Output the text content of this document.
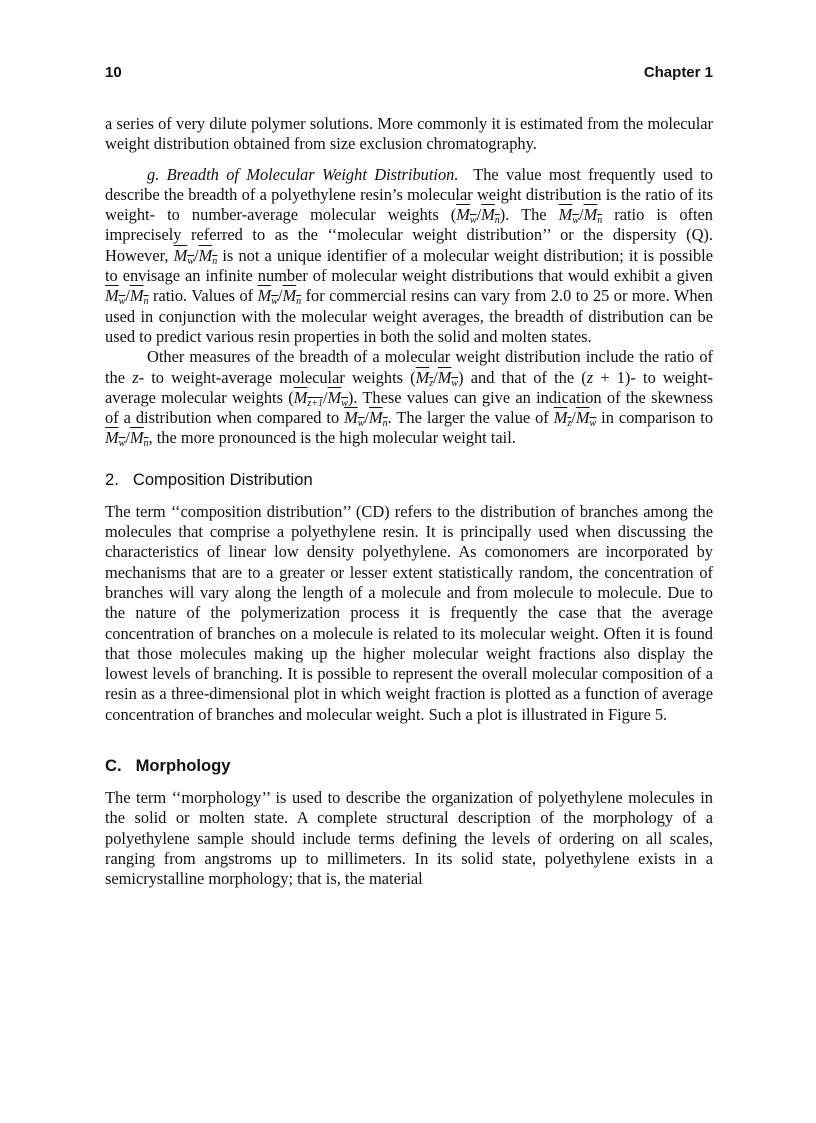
10	Chapter 1

a series of very dilute polymer solutions. More commonly it is estimated from the molecular weight distribution obtained from size exclusion chromatography.

g. Breadth of Molecular Weight Distribution. The value most frequently used to describe the breadth of a polyethylene resin’s molecular weight distribution is the ratio of its weight- to number-average molecular weights $(M_w/M_n)$. The $M_w/M_n$ ratio is often imprecisely referred to as the ‘‘molecular weight distribution’’ or the dispersity (Q). However, $M_w/M_n$ is not a unique identifier of a molecular weight distribution; it is possible to envisage an infinite number of molecular weight distributions that would exhibit a given $M_w/M_n$ ratio. Values of $M_w/M_n$ for commercial resins can vary from 2.0 to 25 or more. When used in conjunction with the molecular weight averages, the breadth of distribution can be used to predict various resin properties in both the solid and molten states.

Other measures of the breadth of a molecular weight distribution include the ratio of the z- to weight-average molecular weights $(M_z/M_w)$ and that of the (z + 1)- to weight-average molecular weights $(M_{z+1}/M_w)$. These values can give an indication of the skewness of a distribution when compared to $M_w/M_n$. The larger the value of $M_z/M_w$ in comparison to $M_w/M_n$, the more pronounced is the high molecular weight tail.

2. Composition Distribution

The term ‘‘composition distribution’’ (CD) refers to the distribution of branches among the molecules that comprise a polyethylene resin. It is principally used when discussing the characteristics of linear low density polyethylene. As comonomers are incorporated by mechanisms that are to a greater or lesser extent statistically random, the concentration of branches will vary along the length of a molecule and from molecule to molecule. Due to the nature of the polymerization process it is frequently the case that the average concentration of branches on a molecule is related to its molecular weight. Often it is found that those molecules making up the higher molecular weight fractions also display the lowest levels of branching. It is possible to represent the overall molecular composition of a resin as a three-dimensional plot in which weight fraction is plotted as a function of average concentration of branches and molecular weight. Such a plot is illustrated in Figure 5.

C. Morphology

The term ‘‘morphology’’ is used to describe the organization of polyethylene molecules in the solid or molten state. A complete structural description of the morphology of a polyethylene sample should include terms defining the levels of ordering on all scales, ranging from angstroms up to millimeters. In its solid state, polyethylene exists in a semicrystalline morphology; that is, the material
